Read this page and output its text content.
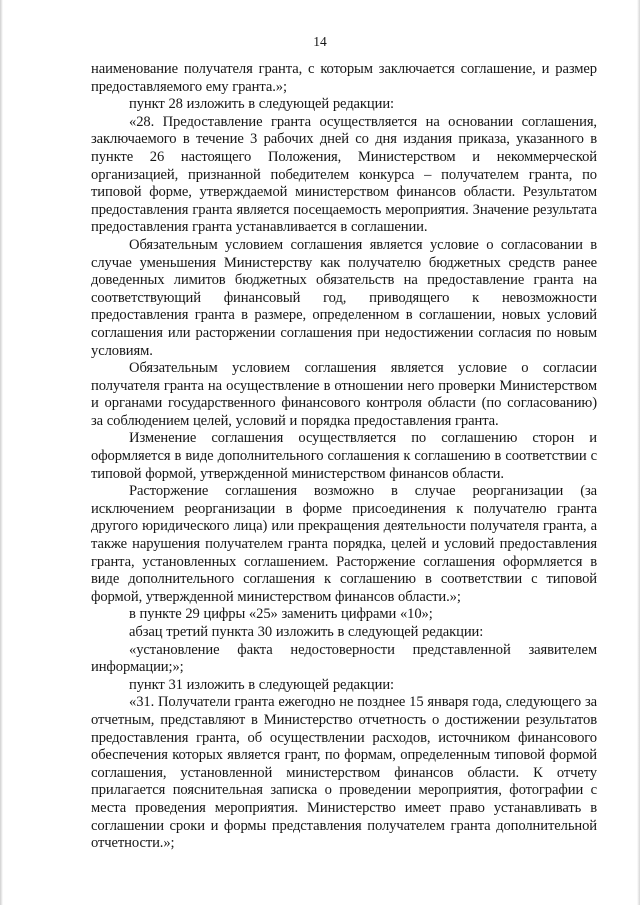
14

наименование получателя гранта, с которым заключается соглашение, и размер предоставляемого ему гранта.»;

пункт 28 изложить в следующей редакции:

«28. Предоставление гранта осуществляется на основании соглашения, заключаемого в течение 3 рабочих дней со дня издания приказа, указанного в пункте 26 настоящего Положения, Министерством и некоммерческой организацией, признанной победителем конкурса – получателем гранта, по типовой форме, утверждаемой министерством финансов области. Результатом предоставления гранта является посещаемость мероприятия. Значение результата предоставления гранта устанавливается в соглашении.

Обязательным условием соглашения является условие о согласовании в случае уменьшения Министерству как получателю бюджетных средств ранее доведенных лимитов бюджетных обязательств на предоставление гранта на соответствующий финансовый год, приводящего к невозможности предоставления гранта в размере, определенном в соглашении, новых условий соглашения или расторжении соглашения при недостижении согласия по новым условиям.

Обязательным условием соглашения является условие о согласии получателя гранта на осуществление в отношении него проверки Министерством и органами государственного финансового контроля области (по согласованию) за соблюдением целей, условий и порядка предоставления гранта.

Изменение соглашения осуществляется по соглашению сторон и оформляется в виде дополнительного соглашения к соглашению в соответствии с типовой формой, утвержденной министерством финансов области.

Расторжение соглашения возможно в случае реорганизации (за исключением реорганизации в форме присоединения к получателю гранта другого юридического лица) или прекращения деятельности получателя гранта, а также нарушения получателем гранта порядка, целей и условий предоставления гранта, установленных соглашением. Расторжение соглашения оформляется в виде дополнительного соглашения к соглашению в соответствии с типовой формой, утвержденной министерством финансов области.»;

в пункте 29 цифры «25» заменить цифрами «10»;

абзац третий пункта 30 изложить в следующей редакции:

«установление факта недостоверности представленной заявителем информации;»;

пункт 31 изложить в следующей редакции:

«31. Получатели гранта ежегодно не позднее 15 января года, следующего за отчетным, представляют в Министерство отчетность о достижении результатов предоставления гранта, об осуществлении расходов, источником финансового обеспечения которых является грант, по формам, определенным типовой формой соглашения, установленной министерством финансов области. К отчету прилагается пояснительная записка о проведении мероприятия, фотографии с места проведения мероприятия. Министерство имеет право устанавливать в соглашении сроки и формы представления получателем гранта дополнительной отчетности.»;
